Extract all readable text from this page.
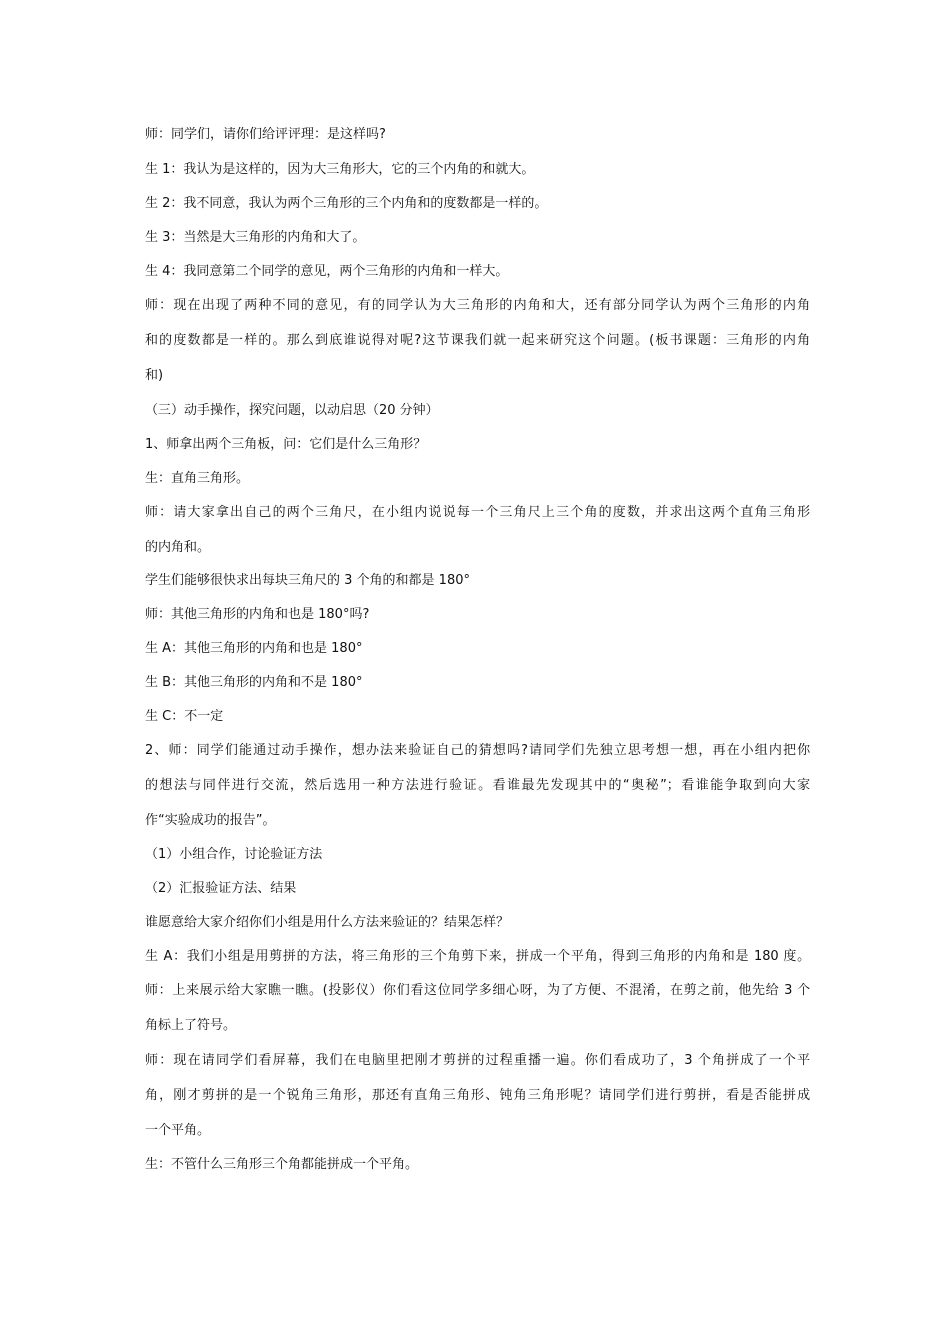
师：同学们，请你们给评评理：是这样吗?
生 1：我认为是这样的，因为大三角形大，它的三个内角的和就大。
生 2：我不同意，我认为两个三角形的三个内角和的度数都是一样的。
生 3：当然是大三角形的内角和大了。
生 4：我同意第二个同学的意见，两个三角形的内角和一样大。
师：现在出现了两种不同的意见，有的同学认为大三角形的内角和大，还有部分同学认为两个三角形的内角
和的度数都是一样的。那么到底谁说得对呢?这节课我们就一起来研究这个问题。(板书课题：三角形的内角
和)
（三）动手操作，探究问题，以动启思（20 分钟）
1、师拿出两个三角板，问：它们是什么三角形？
生：直角三角形。
师：请大家拿出自己的两个三角尺，在小组内说说每一个三角尺上三个角的度数，并求出这两个直角三角形
的内角和。
学生们能够很快求出每块三角尺的 3 个角的和都是 180°
师：其他三角形的内角和也是 180°吗?
生 A：其他三角形的内角和也是 180°
生 B：其他三角形的内角和不是 180°
生 C：不一定
2、师：同学们能通过动手操作，想办法来验证自己的猜想吗?请同学们先独立思考想一想，再在小组内把你
的想法与同伴进行交流，然后选用一种方法进行验证。看谁最先发现其中的“奥秘”；看谁能争取到向大家
作“实验成功的报告”。
（1）小组合作，讨论验证方法
（2）汇报验证方法、结果
谁愿意给大家介绍你们小组是用什么方法来验证的？结果怎样？
生 A：我们小组是用剪拼的方法，将三角形的三个角剪下来，拼成一个平角，得到三角形的内角和是 180 度。
师：上来展示给大家瞧一瞧。(投影仪）你们看这位同学多细心呀，为了方便、不混淆，在剪之前，他先给 3 个
角标上了符号。
师：现在请同学们看屏幕，我们在电脑里把刚才剪拼的过程重播一遍。你们看成功了，3 个角拼成了一个平
角，刚才剪拼的是一个锐角三角形，那还有直角三角形、钝角三角形呢？请同学们进行剪拼，看是否能拼成
一个平角。
生：不管什么三角形三个角都能拼成一个平角。
